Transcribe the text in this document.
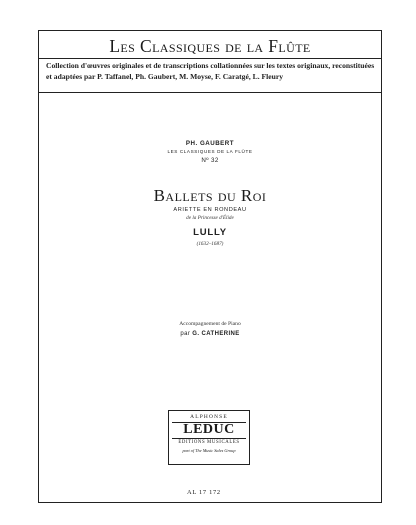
Les Classiques de la Flûte
Collection d'œuvres originales et de transcriptions collationnées sur les textes originaux, reconstituées
et adaptées par P. Taffanel, Ph. Gaubert, M. Moyse, F. Caratgé, L. Fleury
PH. GAUBERT
LES CLASSIQUES DE LA FLÛTE
Nº 32
Ballets du Roi
ARIETTE EN RONDEAU
de la Princesse d'Élide
LULLY
(1632–1687)
Accompagnement de Piano
par G. CATHERINE
ALPHONSE
LEDUC
ÉDITIONS MUSICALES
part of The Music Sales Group
AL 17 172
